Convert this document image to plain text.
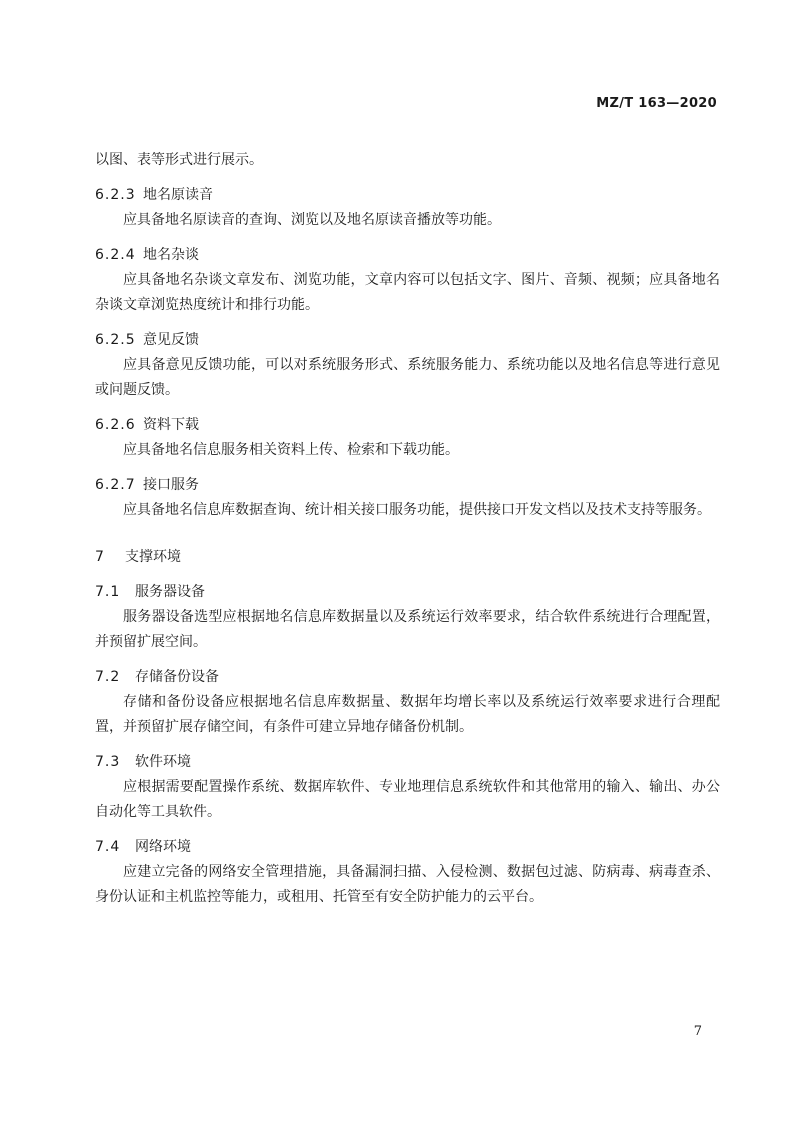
MZ/T 163—2020

以图、表等形式进行展示。

6.2.3 地名原读音

应具备地名原读音的查询、浏览以及地名原读音播放等功能。

6.2.4 地名杂谈

应具备地名杂谈文章发布、浏览功能，文章内容可以包括文字、图片、音频、视频；应具备地名杂谈文章浏览热度统计和排行功能。

6.2.5 意见反馈

应具备意见反馈功能，可以对系统服务形式、系统服务能力、系统功能以及地名信息等进行意见或问题反馈。

6.2.6 资料下载

应具备地名信息服务相关资料上传、检索和下载功能。

6.2.7 接口服务

应具备地名信息库数据查询、统计相关接口服务功能，提供接口开发文档以及技术支持等服务。

7 支撑环境
7.1 服务器设备

服务器设备选型应根据地名信息库数据量以及系统运行效率要求，结合软件系统进行合理配置，并预留扩展空间。

7.2 存储备份设备

存储和备份设备应根据地名信息库数据量、数据年均增长率以及系统运行效率要求进行合理配置，并预留扩展存储空间，有条件可建立异地存储备份机制。

7.3 软件环境

应根据需要配置操作系统、数据库软件、专业地理信息系统软件和其他常用的输入、输出、办公自动化等工具软件。

7.4 网络环境

应建立完备的网络安全管理措施，具备漏洞扫描、入侵检测、数据包过滤、防病毒、病毒查杀、身份认证和主机监控等能力，或租用、托管至有安全防护能力的云平台。

7
